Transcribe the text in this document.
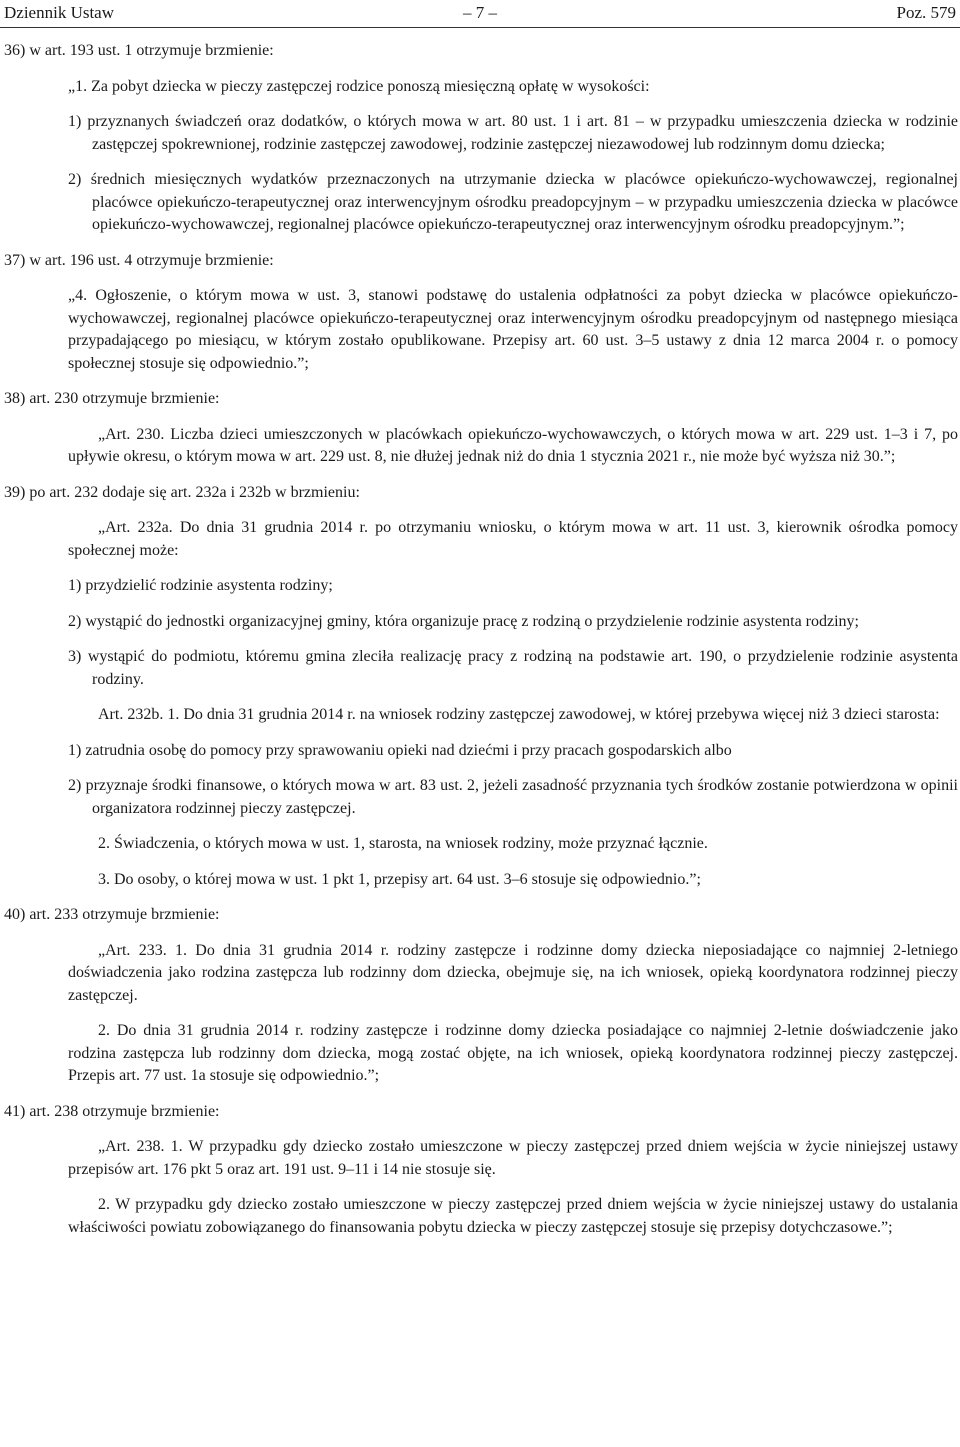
Dziennik Ustaw	– 7 –	Poz. 579

36) w art. 193 ust. 1 otrzymuje brzmienie:

„1. Za pobyt dziecka w pieczy zastępczej rodzice ponoszą miesięczną opłatę w wysokości:

1) przyznanych świadczeń oraz dodatków, o których mowa w art. 80 ust. 1 i art. 81 – w przypadku umieszczenia dziecka w rodzinie zastępczej spokrewnionej, rodzinie zastępczej zawodowej, rodzinie zastępczej niezawodowej lub rodzinnym domu dziecka;

2) średnich miesięcznych wydatków przeznaczonych na utrzymanie dziecka w placówce opiekuńczo-wychowawczej, regionalnej placówce opiekuńczo-terapeutycznej oraz interwencyjnym ośrodku preadopcyjnym – w przypadku umieszczenia dziecka w placówce opiekuńczo-wychowawczej, regionalnej placówce opiekuńczo-terapeutycznej oraz interwencyjnym ośrodku preadopcyjnym.”;

37) w art. 196 ust. 4 otrzymuje brzmienie:

„4. Ogłoszenie, o którym mowa w ust. 3, stanowi podstawę do ustalenia odpłatności za pobyt dziecka w placówce opiekuńczo-wychowawczej, regionalnej placówce opiekuńczo-terapeutycznej oraz interwencyjnym ośrodku preadopcyjnym od następnego miesiąca przypadającego po miesiącu, w którym zostało opublikowane. Przepisy art. 60 ust. 3–5 ustawy z dnia 12 marca 2004 r. o pomocy społecznej stosuje się odpowiednio.”;

38) art. 230 otrzymuje brzmienie:

„Art. 230. Liczba dzieci umieszczonych w placówkach opiekuńczo-wychowawczych, o których mowa w art. 229 ust. 1–3 i 7, po upływie okresu, o którym mowa w art. 229 ust. 8, nie dłużej jednak niż do dnia 1 stycznia 2021 r., nie może być wyższa niż 30.”;

39) po art. 232 dodaje się art. 232a i 232b w brzmieniu:

„Art. 232a. Do dnia 31 grudnia 2014 r. po otrzymaniu wniosku, o którym mowa w art. 11 ust. 3, kierownik ośrodka pomocy społecznej może:

1) przydzielić rodzinie asystenta rodziny;

2) wystąpić do jednostki organizacyjnej gminy, która organizuje pracę z rodziną o przydzielenie rodzinie asystenta rodziny;

3) wystąpić do podmiotu, któremu gmina zleciła realizację pracy z rodziną na podstawie art. 190, o przydzielenie rodzinie asystenta rodziny.

Art. 232b. 1. Do dnia 31 grudnia 2014 r. na wniosek rodziny zastępczej zawodowej, w której przebywa więcej niż 3 dzieci starosta:

1) zatrudnia osobę do pomocy przy sprawowaniu opieki nad dziećmi i przy pracach gospodarskich albo

2) przyznaje środki finansowe, o których mowa w art. 83 ust. 2, jeżeli zasadność przyznania tych środków zostanie potwierdzona w opinii organizatora rodzinnej pieczy zastępczej.

2. Świadczenia, o których mowa w ust. 1, starosta, na wniosek rodziny, może przyznać łącznie.

3. Do osoby, o której mowa w ust. 1 pkt 1, przepisy art. 64 ust. 3–6 stosuje się odpowiednio.”;

40) art. 233 otrzymuje brzmienie:

„Art. 233. 1. Do dnia 31 grudnia 2014 r. rodziny zastępcze i rodzinne domy dziecka nieposiadające co najmniej 2-letniego doświadczenia jako rodzina zastępcza lub rodzinny dom dziecka, obejmuje się, na ich wniosek, opieką koordynatora rodzinnej pieczy zastępczej.

2. Do dnia 31 grudnia 2014 r. rodziny zastępcze i rodzinne domy dziecka posiadające co najmniej 2-letnie doświadczenie jako rodzina zastępcza lub rodzinny dom dziecka, mogą zostać objęte, na ich wniosek, opieką koordynatora rodzinnej pieczy zastępczej. Przepis art. 77 ust. 1a stosuje się odpowiednio.”;

41) art. 238 otrzymuje brzmienie:

„Art. 238. 1. W przypadku gdy dziecko zostało umieszczone w pieczy zastępczej przed dniem wejścia w życie niniejszej ustawy przepisów art. 176 pkt 5 oraz art. 191 ust. 9–11 i 14 nie stosuje się.

2. W przypadku gdy dziecko zostało umieszczone w pieczy zastępczej przed dniem wejścia w życie niniejszej ustawy do ustalania właściwości powiatu zobowiązanego do finansowania pobytu dziecka w pieczy zastępczej stosuje się przepisy dotychczasowe.”;
